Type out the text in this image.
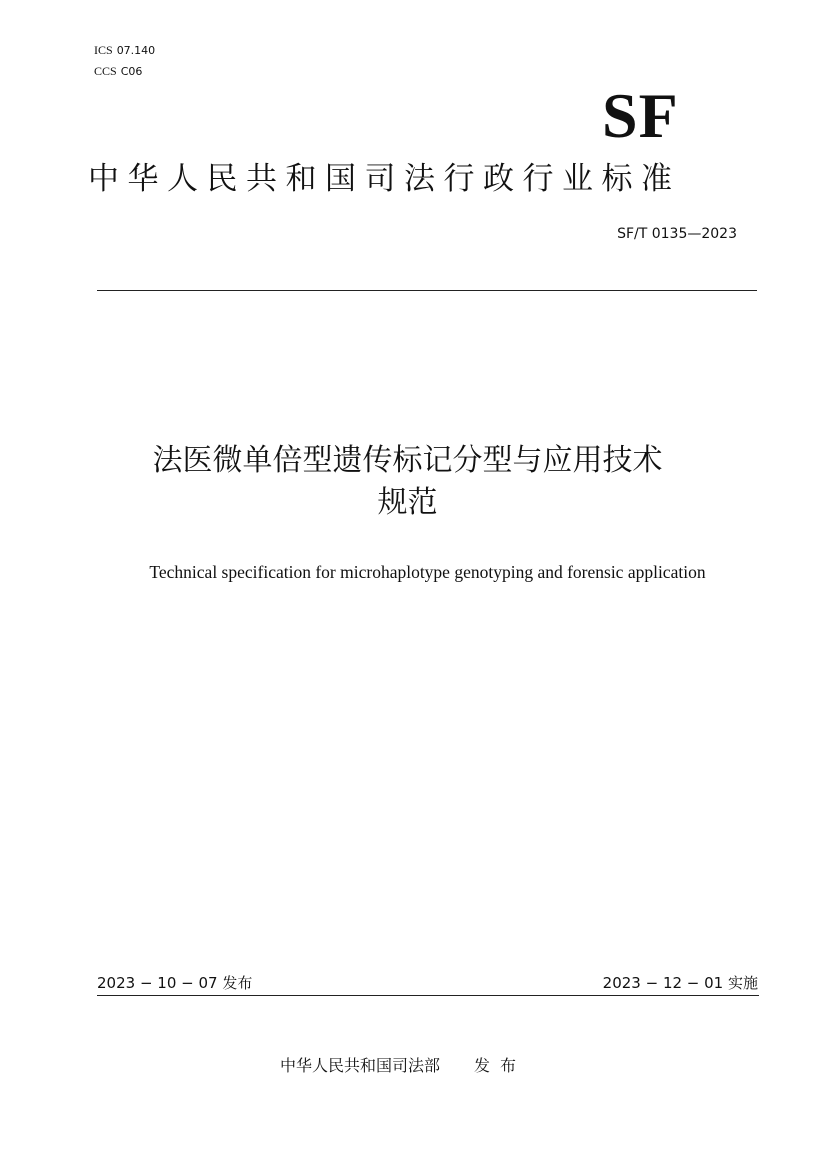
ICS 07.140
CCS C06
SF
中华人民共和国司法行政行业标准
SF/T 0135—2023
法医微单倍型遗传标记分型与应用技术
规范
Technical specification for microhaplotype genotyping and forensic application
2023 − 10 − 07 发布	2023 − 12 − 01 实施
中华人民共和国司法部 发布
